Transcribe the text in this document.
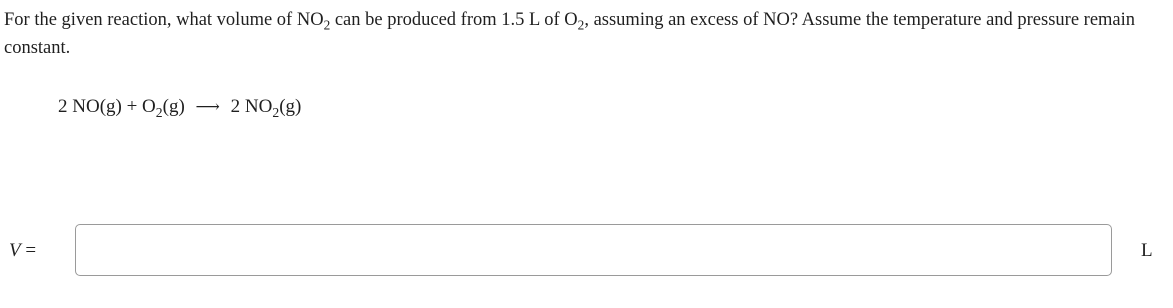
For the given reaction, what volume of $NO_2$ can be produced from 1.5 L of $O_2$, assuming an excess of NO? Assume the temperature and pressure remain constant.
2 $NO(g) + O_2(g)$ ⟶ 2 $NO_2(g)$
V =	L
